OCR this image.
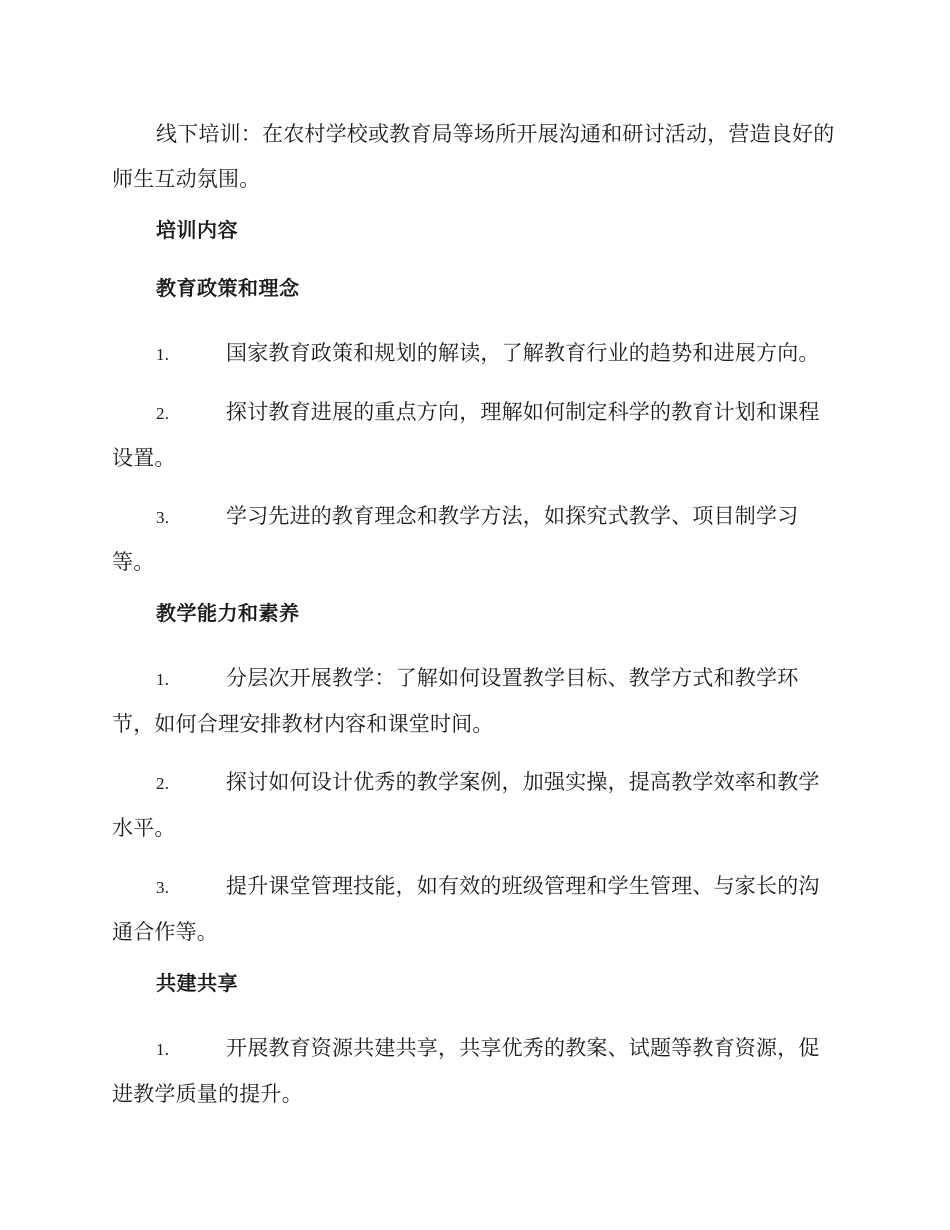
线下培训：在农村学校或教育局等场所开展沟通和研讨活动，营造良好的师生互动氛围。

培训内容
教育政策和理念

1.	国家教育政策和规划的解读，了解教育行业的趋势和进展方向。

2.	探讨教育进展的重点方向，理解如何制定科学的教育计划和课程设置。

3.	学习先进的教育理念和教学方法，如探究式教学、项目制学习等。

教学能力和素养

1.	分层次开展教学：了解如何设置教学目标、教学方式和教学环节，如何合理安排教材内容和课堂时间。

2.	探讨如何设计优秀的教学案例，加强实操，提高教学效率和教学水平。

3.	提升课堂管理技能，如有效的班级管理和学生管理、与家长的沟通合作等。

共建共享

1.	开展教育资源共建共享，共享优秀的教案、试题等教育资源，促进教学质量的提升。
